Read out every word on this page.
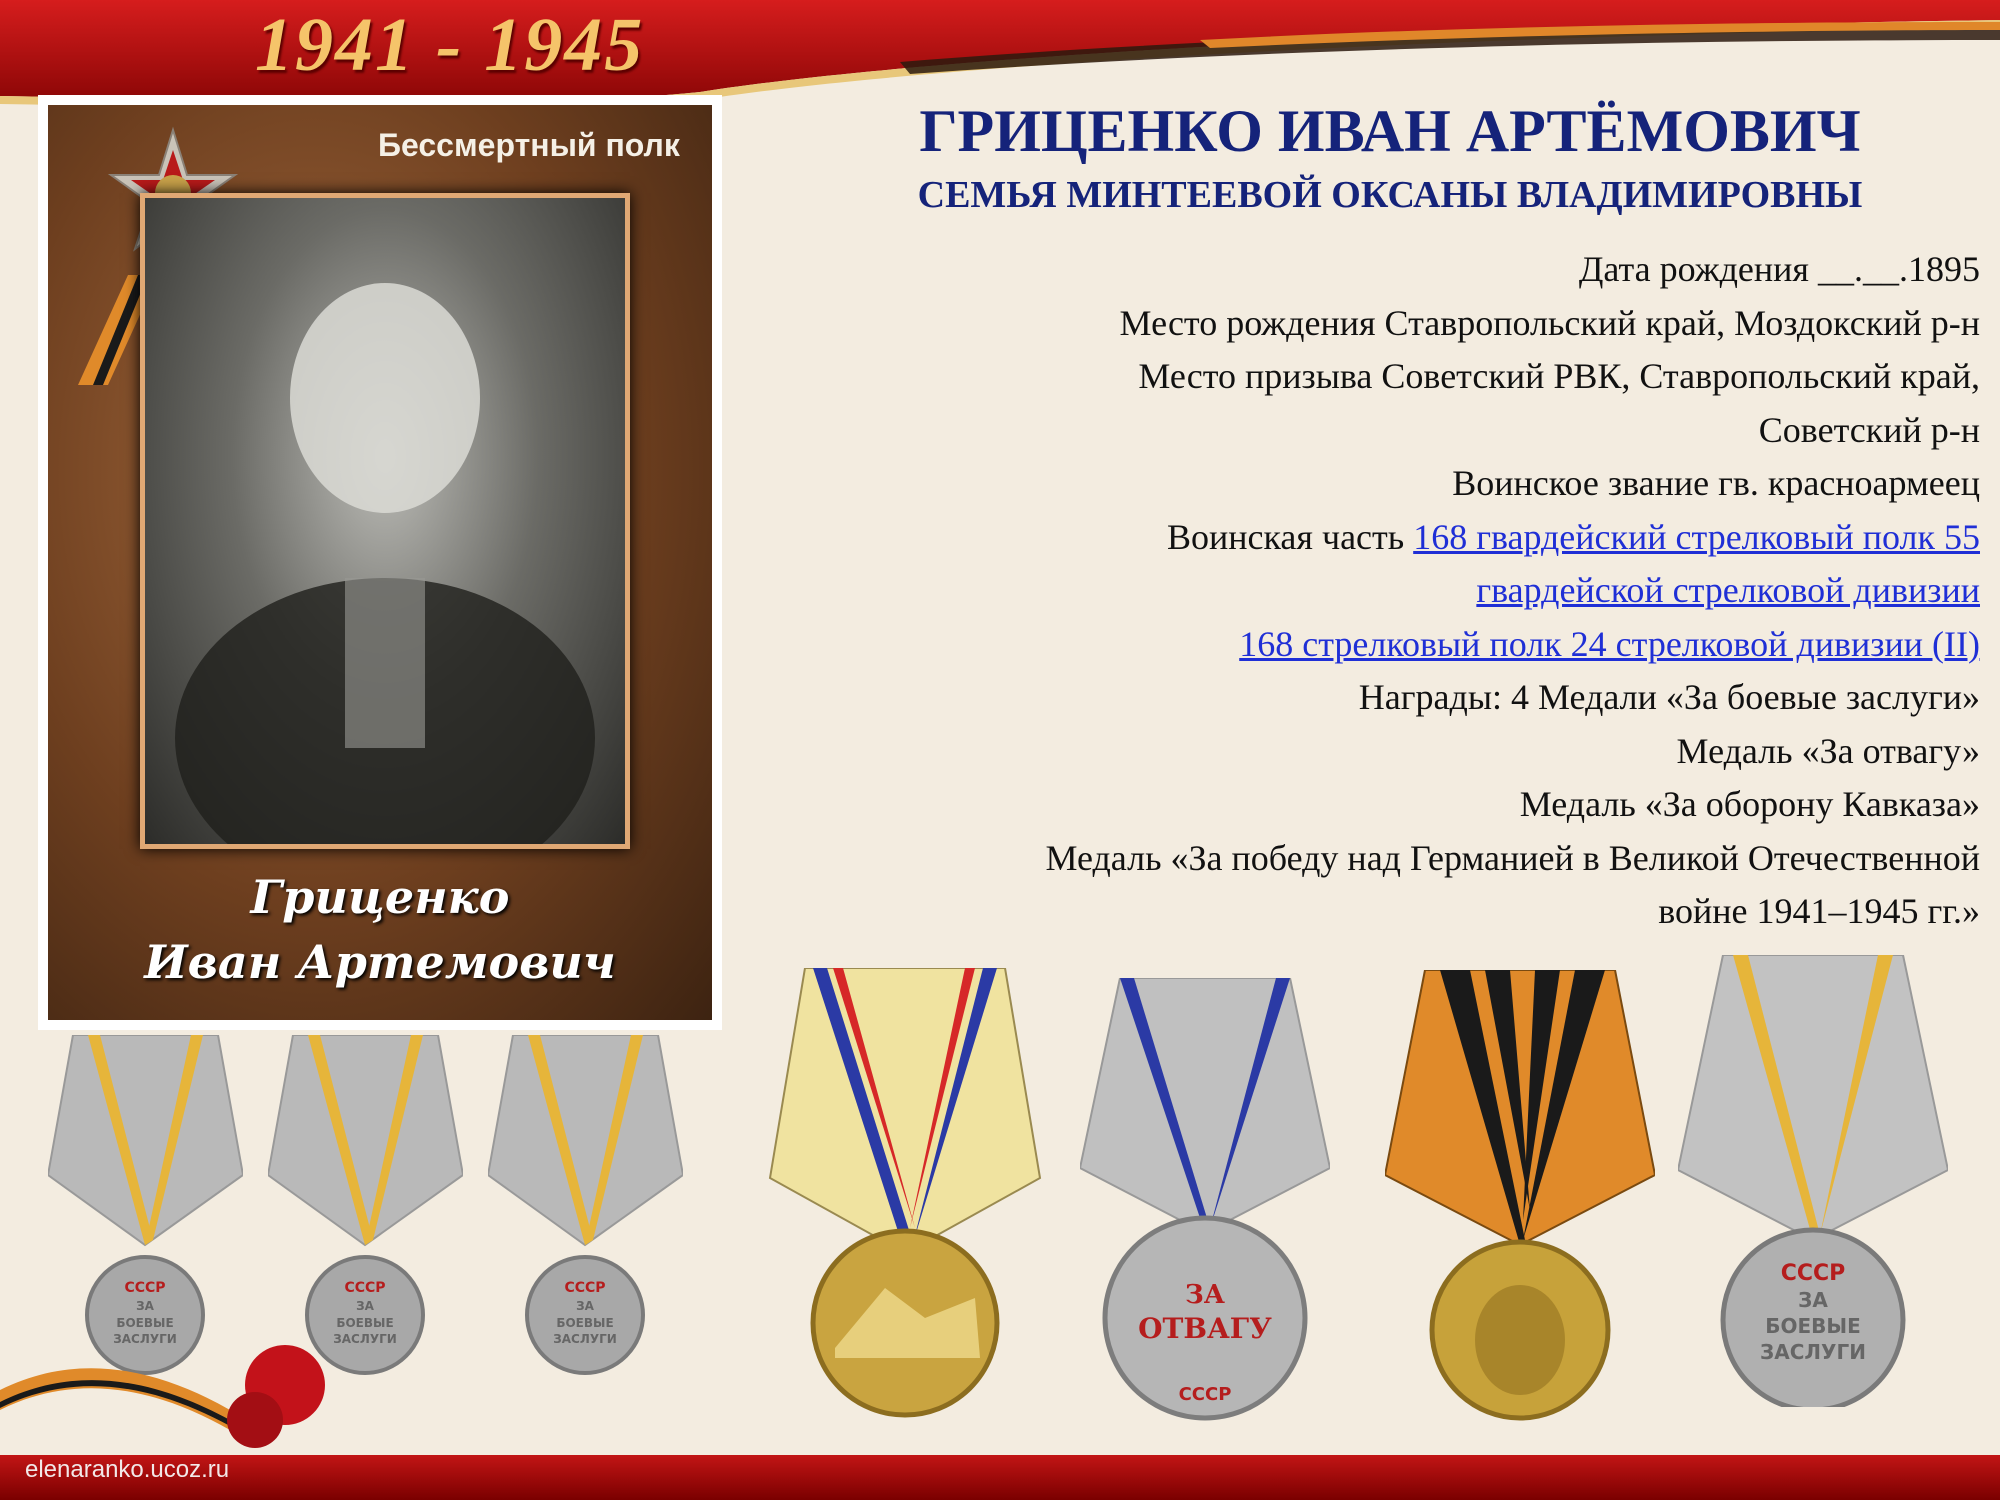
1941 - 1945
Бессмертный полк
Гриценко
Иван Артемович
ГРИЦЕНКО ИВАН АРТЁМОВИЧ
СЕМЬЯ МИНТЕЕВОЙ ОКСАНЫ ВЛАДИМИРОВНЫ
Дата рождения __.__.1895
Место рождения Ставропольский край, Моздокский р-н
Место призыва Советский РВК, Ставропольский край,
Советский р-н
Воинское звание гв. красноармеец
Воинская часть 168 гвардейский стрелковый полк 55
гвардейской стрелковой дивизии
168 стрелковый полк 24 стрелковой дивизии (II)
Награды: 4 Медали «За боевые заслуги»
Медаль «За отвагу»
Медаль «За оборону Кавказа»
Медаль «За победу над Германией в Великой Отечественной
войне 1941–1945 гг.»
СССР
ЗА
БОЕВЫЕ
ЗАСЛУГИ
СССР
ЗА
БОЕВЫЕ
ЗАСЛУГИ
СССР
ЗА
БОЕВЫЕ
ЗАСЛУГИ
ЗА
ОТВАГУ
СССР
СССР
ЗА
БОЕВЫЕ
ЗАСЛУГИ
elenaranko.ucoz.ru
